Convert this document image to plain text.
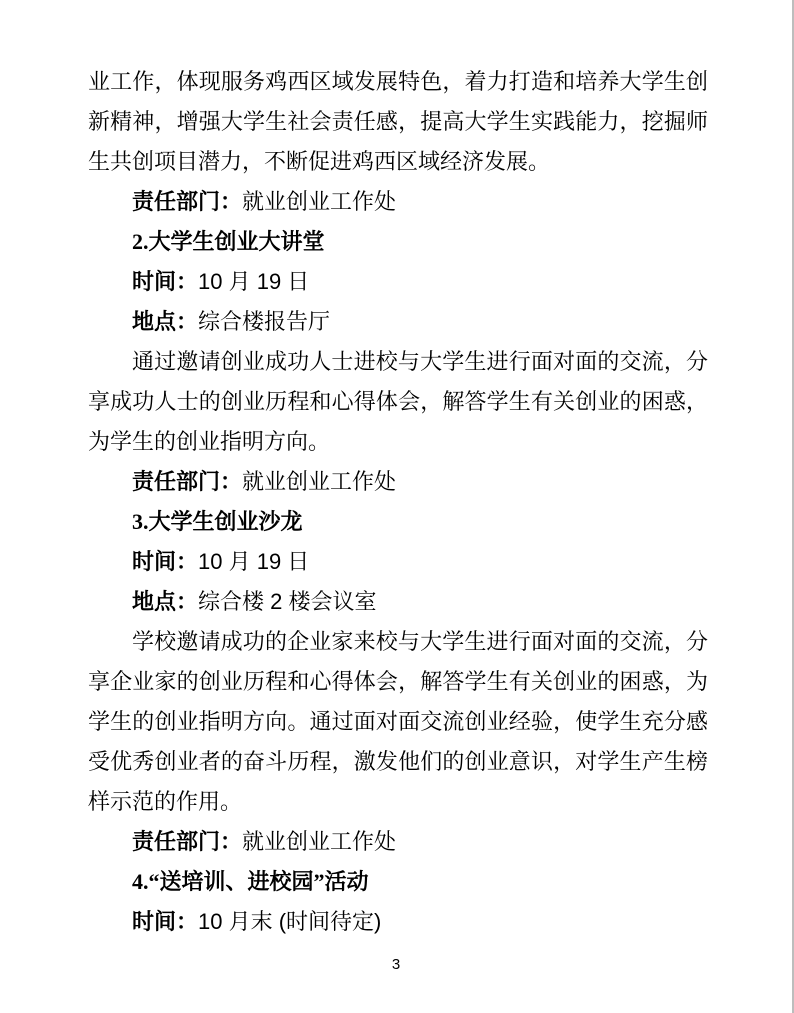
业工作，体现服务鸡西区域发展特色，着力打造和培养大学生创新精神，增强大学生社会责任感，提高大学生实践能力，挖掘师生共创项目潜力，不断促进鸡西区域经济发展。

责任部门：就业创业工作处

2.大学生创业大讲堂

时间：10 月 19 日

地点：综合楼报告厅

通过邀请创业成功人士进校与大学生进行面对面的交流，分享成功人士的创业历程和心得体会，解答学生有关创业的困惑，为学生的创业指明方向。

责任部门：就业创业工作处

3.大学生创业沙龙

时间：10 月 19 日

地点：综合楼 2 楼会议室

学校邀请成功的企业家来校与大学生进行面对面的交流，分享企业家的创业历程和心得体会，解答学生有关创业的困惑，为学生的创业指明方向。通过面对面交流创业经验，使学生充分感受优秀创业者的奋斗历程，激发他们的创业意识，对学生产生榜样示范的作用。

责任部门：就业创业工作处

4.“送培训、进校园”活动

时间：10 月末 (时间待定)

3
